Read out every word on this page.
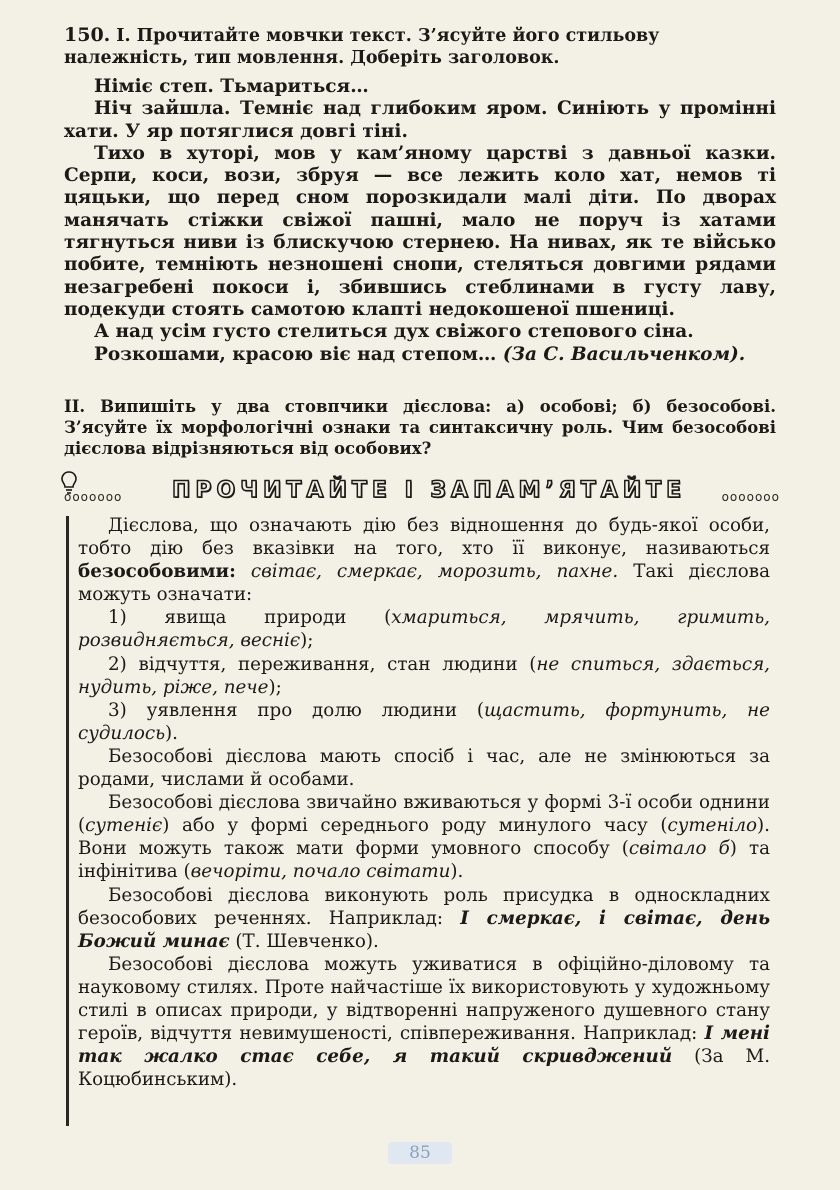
150. І. Прочитайте мовчки текст. З’ясуйте його стильову належність, тип мовлення. Доберіть заголовок.

Німіє степ. Тьмариться…

Ніч зайшла. Темніє над глибоким яром. Синіють у промінні хати. У яр потяглися довгі тіні.

Тихо в хуторі, мов у кам’яному царстві з давньої казки. Серпи, коси, вози, збруя — все лежить коло хат, немов ті цяцьки, що перед сном порозкидали малі діти. По дворах манячать стіжки свіжої пашні, мало не поруч із хатами тягнуться ниви із блискучою стернею. На нивах, як те військо побите, темніють незношені снопи, стеляться довгими рядами незагребені покоси і, збившись стеблинами в густу лаву, подекуди стоять самотою клапті недокошеної пшениці.

А над усім густо стелиться дух свіжого степового сіна.

Розкошами, красою віє над степом… (За С. Васильченком).

ІІ. Випишіть у два стовпчики дієслова: а) особові; б) безособові. З’ясуйте їх морфологічні ознаки та синтаксичну роль. Чим безособові дієслова відрізняються від особових?
ooooooo ПРОЧИТАЙТЕ І ЗАПАМ’ЯТАЙТЕ	ooooooo

Дієслова, що означають дію без відношення до будь-якої особи, тобто дію без вказівки на того, хто її виконує, називаються безособовими: світає, смеркає, морозить, пахне. Такі дієслова можуть означати:

1) явища природи (хмариться, мрячить, гримить, розвидняється, весніє);

2) відчуття, переживання, стан людини (не спиться, здається, нудить, ріже, пече);

3) уявлення про долю людини (щастить, фортунить, не судилось).

Безособові дієслова мають спосіб і час, але не змінюються за родами, числами й особами.

Безособові дієслова звичайно вживаються у формі 3-ї особи однини (сутеніє) або у формі середнього роду минулого часу (сутеніло). Вони можуть також мати форми умовного способу (світало б) та інфінітива (вечоріти, почало світати).

Безособові дієслова виконують роль присудка в односкладних безособових реченнях. Наприклад: І смеркає, і світає, день Божий минає (Т. Шевченко).

Безособові дієслова можуть уживатися в офіційно-діловому та науковому стилях. Проте найчастіше їх використовують у художньому стилі в описах природи, у відтворенні напруженого душевного стану героїв, відчуття невимушеності, співпереживання. Наприклад: І мені так жалко стає себе, я такий скривджений (За М. Коцюбинським).

85
